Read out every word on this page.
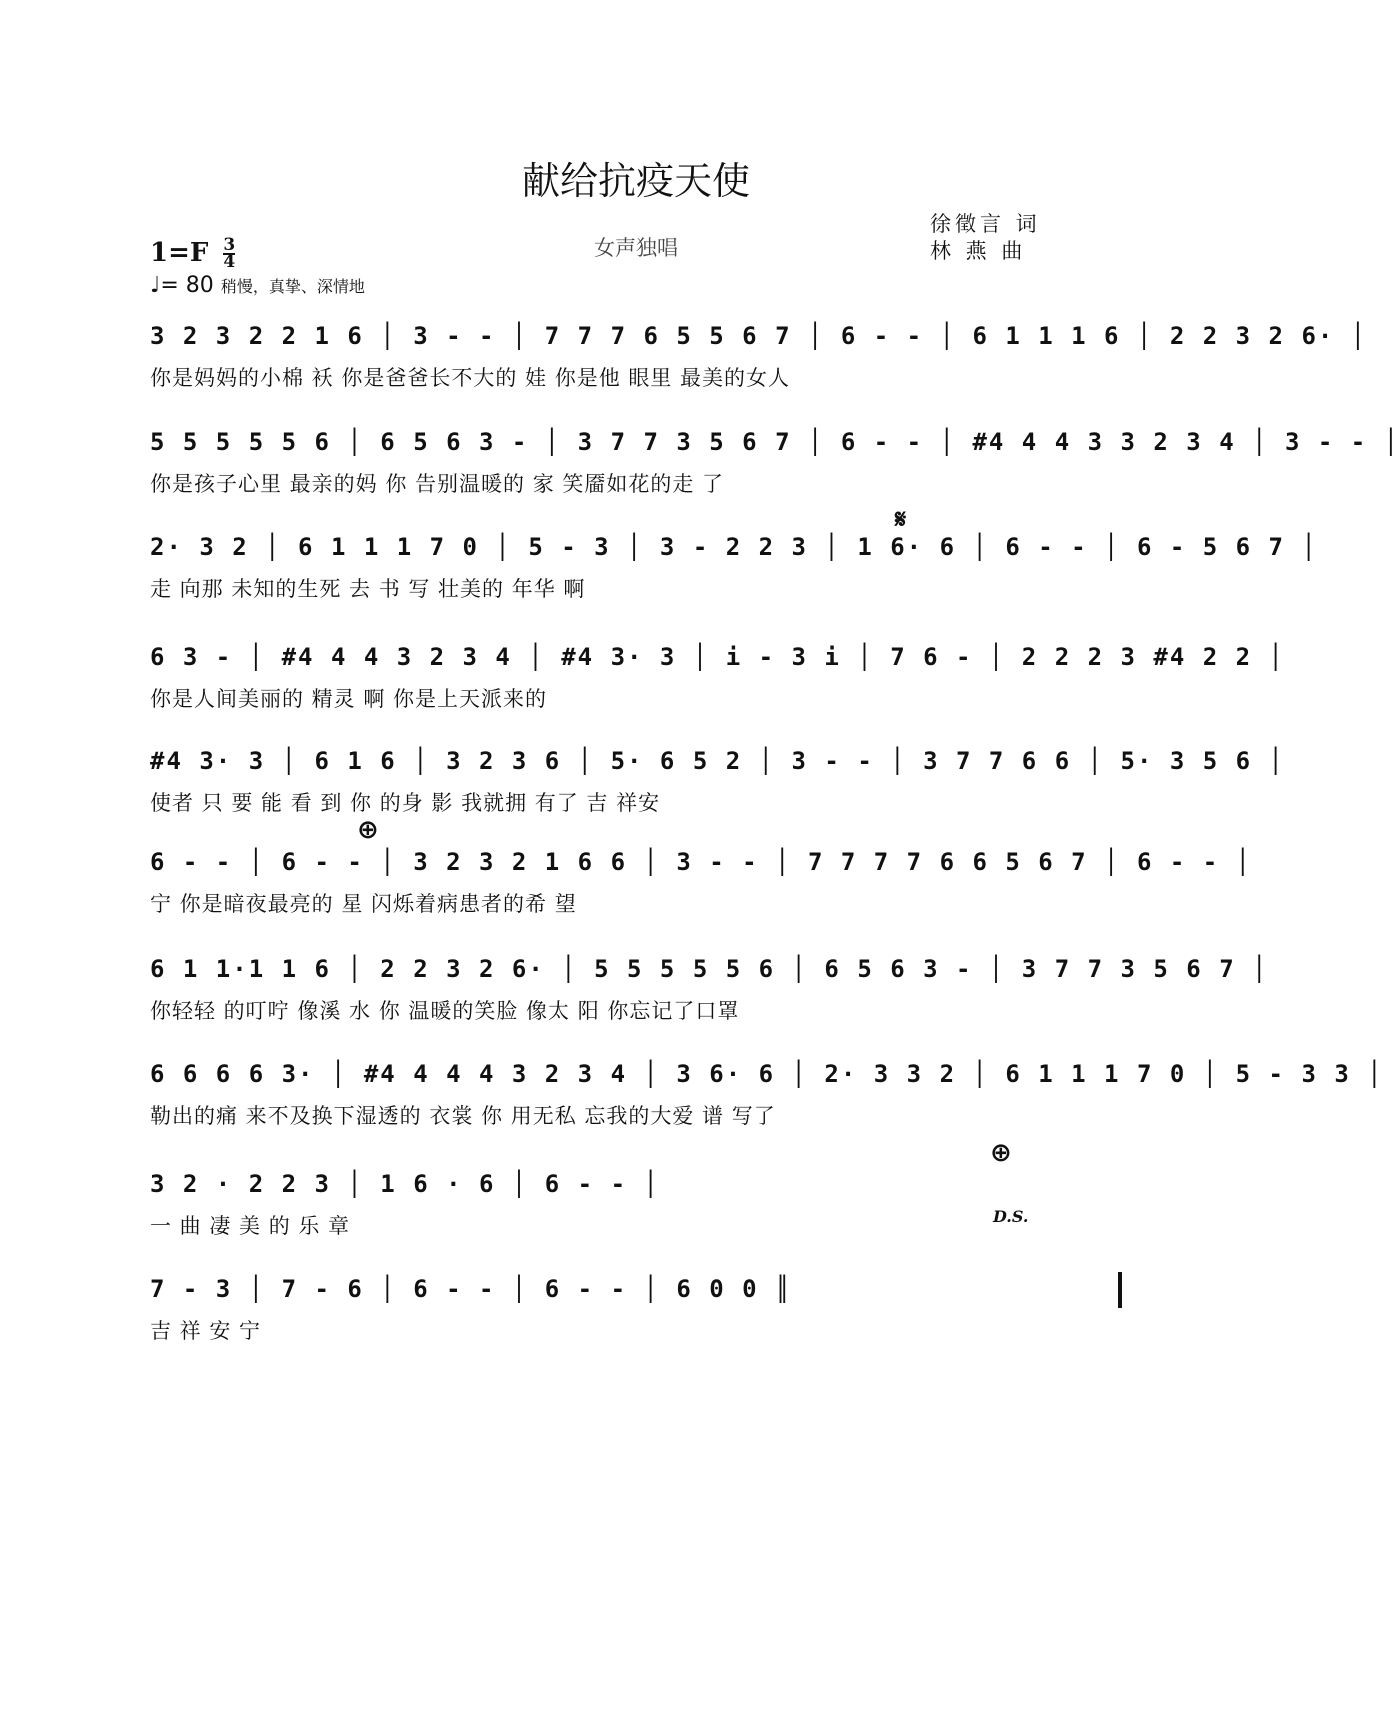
献给抗疫天使
女声独唱
徐徵言 词
林 燕 曲
$1=F \frac{3}{4}$
♩= 80 稍慢，真挚、深情地
𝄋
⊕
⊕
3 2 3 2 2 1 6 │ 3 - - │ 7 7 7 6 5 5 6 7 │ 6 - - │ 6 1 1 1 6 │ 2 2 3 2 6· │
你是妈妈的小棉 袄 你是爸爸长不大的 娃 你是他 眼里 最美的女人
5 5 5 5 5 6 │ 6 5 6 3 - │ 3 7 7 3 5 6 7 │ 6 - - │ #4 4 4 3 3 2 3 4 │ 3 - - │
你是孩子心里 最亲的妈 你 告别温暖的 家 笑靥如花的走 了
2· 3 2 │ 6 1 1 1 7 0 │ 5 - 3 │ 3 - 2 2 3 │ 1 6· 6 │ 6 - - │ 6 - 5 6 7 │
走 向那 未知的生死 去 书 写 壮美的 年华 啊
6 3 - │ #4 4 4 3 2 3 4 │ #4 3· 3 │ i - 3 i │ 7 6 - │ 2 2 2 3 #4 2 2 │
你是人间美丽的 精灵 啊 你是上天派来的
#4 3· 3 │ 6 1 6 │ 3 2 3 6 │ 5· 6 5 2 │ 3 - - │ 3 7 7 6 6 │ 5· 3 5 6 │
使者 只 要 能 看 到 你 的身 影 我就拥 有了 吉 祥安
6 - - │ 6 - - │ 3 2 3 2 1 6 6 │ 3 - - │ 7 7 7 7 6 6 5 6 7 │ 6 - - │
宁 你是暗夜最亮的 星 闪烁着病患者的希 望
6 1 1·1 1 6 │ 2 2 3 2 6· │ 5 5 5 5 5 6 │ 6 5 6 3 - │ 3 7 7 3 5 6 7 │
你轻轻 的叮咛 像溪 水 你 温暖的笑脸 像太 阳 你忘记了口罩
6 6 6 6 3· │ #4 4 4 4 3 2 3 4 │ 3 6· 6 │ 2· 3 3 2 │ 6 1 1 1 7 0 │ 5 - 3 3 │
勒出的痛 来不及换下湿透的 衣裳 你 用无私 忘我的大爱 谱 写了
3 2 · 2 2 3 │ 1 6 · 6 │ 6 - - │
一 曲 凄 美 的 乐 章	D.S.
7 - 3 │ 7 - 6 │ 6 - - │ 6 - - │ 6 0 0 ║
吉 祥 安 宁
